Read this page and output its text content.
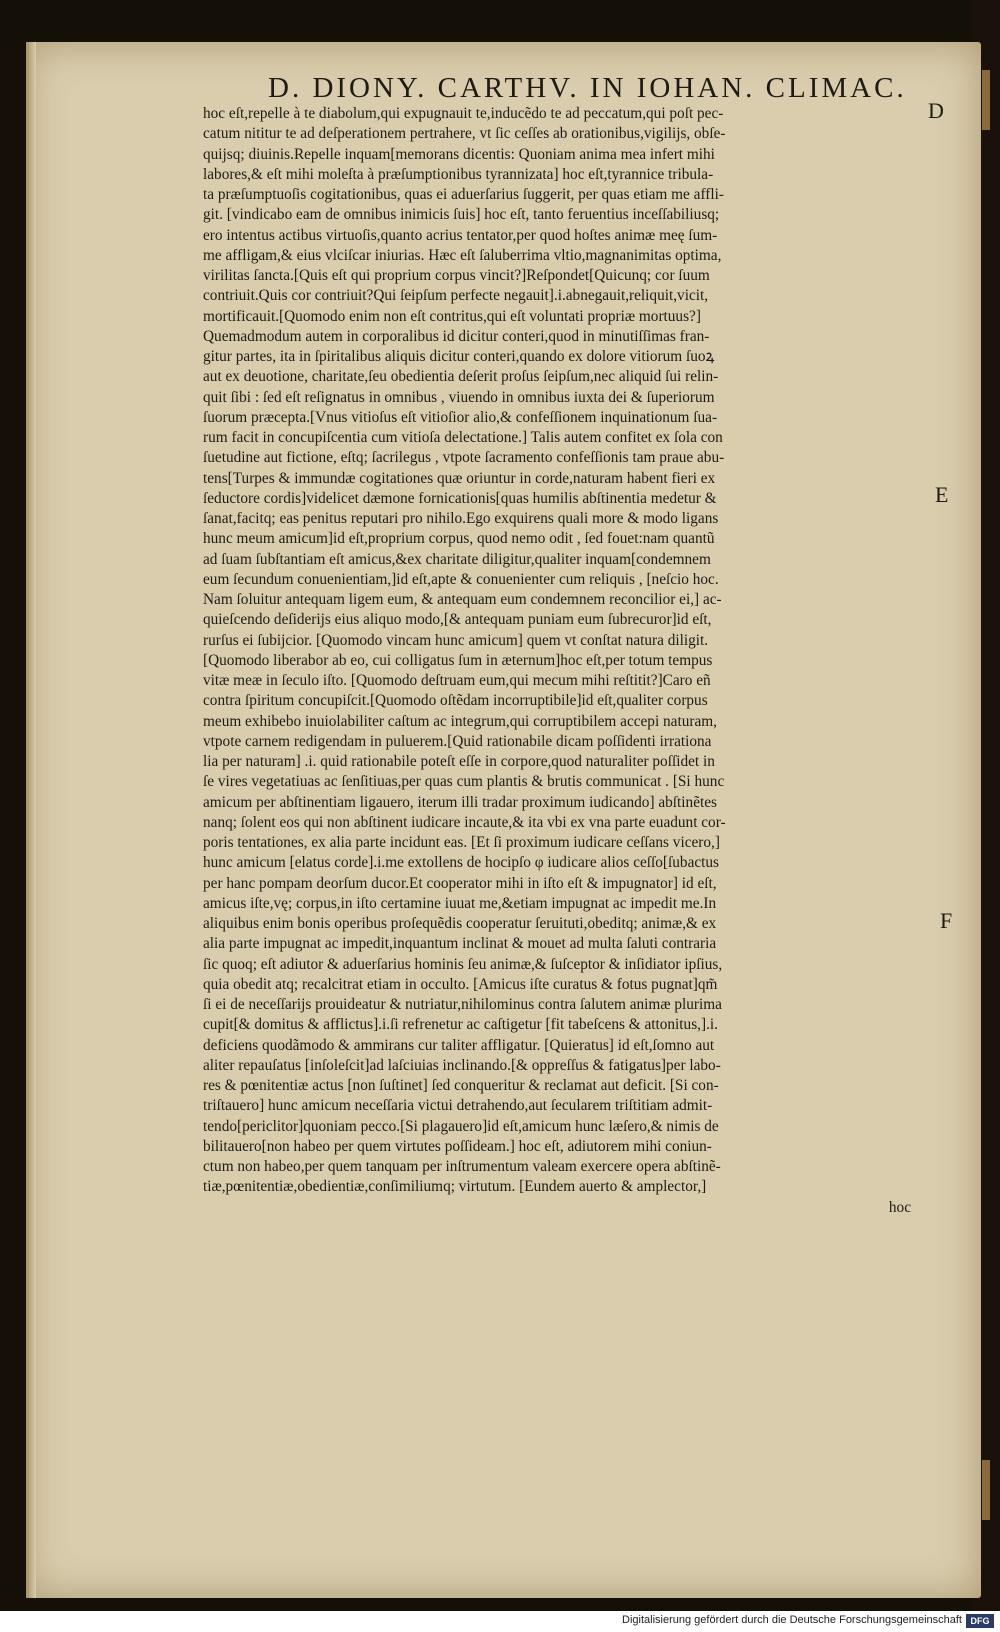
D. DIONY. CARTHV. IN IOHAN. CLIMAC.
D
E
F
hoc eſt,repelle à te diabolum,qui expugnauit te,inducẽdo te ad peccatum,qui poſt pec-
catum nititur te ad deſperationem pertrahere, vt ſic ceſſes ab orationibus,vigilijs, obſe-
quijsq; diuinis.Repelle inquam[memorans dicentis: Quoniam anima mea infert mihi
labores,& eſt mihi moleſta à præſumptionibus tyrannizata] hoc eſt,tyrannice tribula-
ta præſumptuoſis cogitationibus, quas ei aduerſarius ſuggerit, per quas etiam me affli-
git. [vindicabo eam de omnibus inimicis ſuis] hoc eſt, tanto feruentius inceſſabiliusq;
ero intentus actibus virtuoſis,quanto acrius tentator,per quod hoſtes animæ meę ſum-
me affligam,& eius vlciſcar iniurias. Hæc eſt ſaluberrima vltio,magnanimitas optima,
virilitas ſancta.[Quis eſt qui proprium corpus vincit?]Reſpondet[Quicunq; cor ſuum
contriuit.Quis cor contriuit?Qui ſeipſum perfecte negauit].i.abnegauit,reliquit,vicit,
mortificauit.[Quomodo enim non eſt contritus,qui eſt voluntati propriæ mortuus?]
Quemadmodum autem in corporalibus id dicitur conteri,quod in minutiſſimas fran-
gitur partes, ita in ſpiritalibus aliquis dicitur conteri,quando ex dolore vitiorum ſuoꝝ
aut ex deuotione, charitate,ſeu obedientia deſerit proſus ſeipſum,nec aliquid ſui relin-
quit ſibi : ſed eſt reſignatus in omnibus , viuendo in omnibus iuxta dei & ſuperiorum
ſuorum præcepta.[Vnus vitioſus eſt vitioſior alio,& confeſſionem inquinationum ſua-
rum facit in concupiſcentia cum vitioſa delectatione.] Talis autem confitet ex ſola con
ſuetudine aut fictione, eſtq; ſacrilegus , vtpote ſacramento confeſſionis tam praue abu-
tens[Turpes & immundæ cogitationes quæ oriuntur in corde,naturam habent fieri ex
ſeductore cordis]videlicet dæmone fornicationis[quas humilis abſtinentia medetur &
ſanat,facitq; eas penitus reputari pro nihilo.Ego exquirens quali more & modo ligans
hunc meum amicum]id eſt,proprium corpus, quod nemo odit , ſed fouet:nam quantũ
ad ſuam ſubſtantiam eſt amicus,&ex charitate diligitur,qualiter inquam[condemnem
eum ſecundum conuenientiam,]id eſt,apte & conuenienter cum reliquis , [neſcio hoc.
Nam ſoluitur antequam ligem eum, & antequam eum condemnem reconcilior ei,] ac-
quieſcendo deſiderijs eius aliquo modo,[& antequam puniam eum ſubrecuror]id eſt,
rurſus ei ſubijcior. [Quomodo vincam hunc amicum] quem vt conſtat natura diligit.
[Quomodo liberabor ab eo, cui colligatus ſum in æternum]hoc eſt,per totum tempus
vitæ meæ in ſeculo iſto. [Quomodo deſtruam eum,qui mecum mihi reſtitit?]Caro eñ
contra ſpiritum concupiſcit.[Quomodo oſtẽdam incorruptibile]id eſt,qualiter corpus
meum exhibebo inuiolabiliter caſtum ac integrum,qui corruptibilem accepi naturam,
vtpote carnem redigendam in puluerem.[Quid rationabile dicam poſſidenti irrationa
lia per naturam] .i. quid rationabile poteſt eſſe in corpore,quod naturaliter poſſidet in
ſe vires vegetatiuas ac ſenſitiuas,per quas cum plantis & brutis communicat . [Si hunc
amicum per abſtinentiam ligauero, iterum illi tradar proximum iudicando] abſtinẽtes
nanq; ſolent eos qui non abſtinent iudicare incaute,& ita vbi ex vna parte euadunt cor-
poris tentationes, ex alia parte incidunt eas. [Et ſi proximum iudicare ceſſans vicero,]
hunc amicum [elatus corde].i.me extollens de hocipſo φ iudicare alios ceſſo[ſubactus
per hanc pompam deorſum ducor.Et cooperator mihi in iſto eſt & impugnator] id eſt,
amicus iſte,vę; corpus,in iſto certamine iuuat me,&etiam impugnat ac impedit me.In
aliquibus enim bonis operibus proſequẽdis cooperatur ſeruituti,obeditq; animæ,& ex
alia parte impugnat ac impedit,inquantum inclinat & mouet ad multa ſaluti contraria
ſic quoq; eſt adiutor & aduerſarius hominis ſeu animæ,& ſuſceptor & inſidiator ipſius,
quia obedit atq; recalcitrat etiam in occulto. [Amicus iſte curatus & fotus pugnat]qm̃
ſi ei de neceſſarijs prouideatur & nutriatur,nihilominus contra ſalutem animæ plurima
cupit[& domitus & afflictus].i.ſi refrenetur ac caſtigetur [fit tabeſcens & attonitus,].i.
deficiens quodãmodo & ammirans cur taliter affligatur. [Quieratus] id eſt,ſomno aut
aliter repauſatus [inſoleſcit]ad laſciuias inclinando.[& oppreſſus & fatigatus]per labo-
res & pœnitentiæ actus [non ſuſtinet] ſed conqueritur & reclamat aut deficit. [Si con-
triſtauero] hunc amicum neceſſaria victui detrahendo,aut ſecularem triſtitiam admit-
tendo[periclitor]quoniam pecco.[Si plagauero]id eſt,amicum hunc læſero,& nimis de
bilitauero[non habeo per quem virtutes poſſideam.] hoc eſt, adiutorem mihi coniun-
ctum non habeo,per quem tanquam per inſtrumentum valeam exercere opera abſtinẽ-
tiæ,pœnitentiæ,obedientiæ,conſimiliumq; virtutum. [Eundem auerto & amplector,]
hoc
Digitalisierung gefördert durch die Deutsche Forschungsgemeinschaft DFG
